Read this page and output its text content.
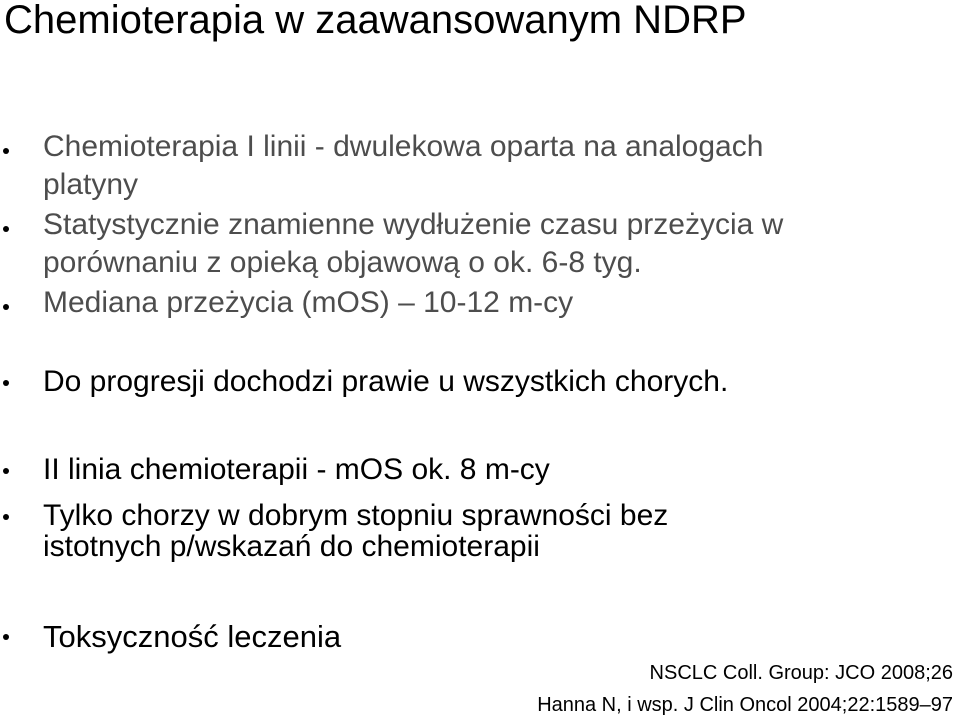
Chemioterapia w zaawansowanym NDRP
Chemioterapia I linii - dwulekowa oparta na analogach
platyny
Statystycznie znamienne wydłużenie czasu przeżycia w
porównaniu z opieką objawową o ok. 6-8 tyg.
Mediana przeżycia (mOS) – 10-12 m-cy
Do progresji dochodzi prawie u wszystkich chorych.
II linia chemioterapii - mOS ok. 8 m-cy
Tylko chorzy w dobrym stopniu sprawności bez
istotnych p/wskazań do chemioterapii
Toksyczność leczenia
NSCLC Coll. Group: JCO 2008;26
Hanna N, i wsp. J Clin Oncol 2004;22:1589–97
